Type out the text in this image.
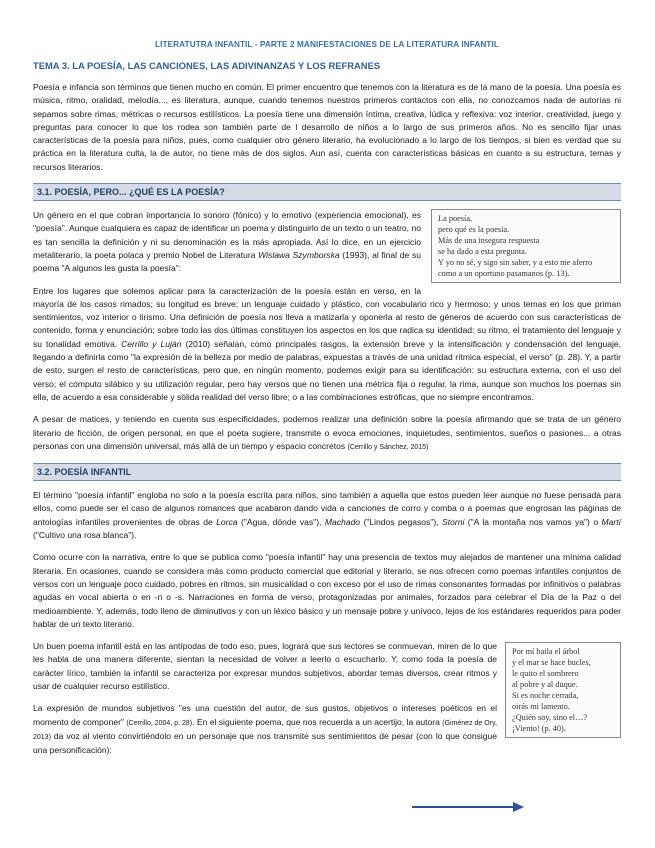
LITERATUTRA INFANTIL - PARTE 2 MANIFESTACIONES DE LA LITERATURA INFANTIL
TEMA 3. LA POESÍA, LAS CANCIONES, LAS ADIVINANZAS Y LOS REFRANES

Poesía e infancia son términos que tienen mucho en común. El primer encuentro que tenemos con la literatura es de la mano de la poesía. Una poesía es música, ritmo, oralidad, melodía..., es literatura, aunque, cuando tenemos nuestros primeros contactos con ella, no conozcamos nada de autorías ni sepamos sobre rimas, métricas o recursos estilísticos. La poesía tiene una dimensión íntima, creativa, lúdica y reflexiva: voz interior, creatividad, juego y preguntas para conocer lo que los rodea son también parte de l desarrollo de niños a lo largo de sus primeros años. No es sencillo fijar unas características de la poesía para niños, pues, como cualquier otro género literario, ha evolucionado a lo largo de los tiempos, si bien es verdad que su práctica en la literatura culta, la de autor, no tiene más de dos siglos. Aun así, cuenta con características básicas en cuanto a su estructura, temas y recursos literarios.

3.1. POESÍA, PERO... ¿QUÉ ES LA POESÍA?
La poesía,
pero qué es la poesía.
Más de una insegura respuesta
se ha dado a esta pregunta.
Y yo no sé, y sigo sin saber, y a esto me aferro
como a un oportuno pasamanos (p. 13).

Un género en el que cobran importancia lo sonoro (fónico) y lo emotivo (experiencia emocional), es "poesía". Aunque cualquiera es capaz de identificar un poema y distinguirlo de un texto o un teatro, no es tan sencilla la definición y ni su denominación es la más apropiada. Así lo dice, en un ejercicio metaliterario, la poeta polaca y premio Nobel de Literatura Wislawa Szymborska (1993), al final de su poema "A algunos les gusta la poesía":

Entre los lugares que solemos aplicar para la caracterización de la poesía están en verso, en la mayoría de los casos rimados; su longitud es breve; un lenguaje cuidado y plástico, con vocabulario rico y hermoso; y unos temas en los que priman sentimientos, voz interior o lirismo. Una definición de poesía nos lleva a matizarla y oponerla al resto de géneros de acuerdo con sus características de contenido, forma y enunciación; sobre todo las dos últimas constituyen los aspectos en los que radica su identidad: su ritmo, el tratamiento del lenguaje y su tonalidad emotiva. Cerrillo y Luján (2010) señalan, como principales rasgos, la extensión breve y la intensificación y condensación del lenguaje, llegando a definirla como "la expresión de la belleza por medio de palabras, expuestas a través de una unidad rítmica especial, el verso" (p. 28). Y, a partir de esto, surgen el resto de características, pero que, en ningún momento, podemos exigir para su identificación: su estructura externa, con el uso del verso; el cómputo silábico y su utilización regular, pero hay versos que no tienen una métrica fija o regular, la rima, aunque son muchos los poemas sin ella, de acuerdo a esa considerable y sólida realidad del verso libre; o a las combinaciones estróficas, que no siempre encontramos.

A pesar de matices, y teniendo en cuenta sus especificidades, podemos realizar una definición sobre la poesía afirmando que se trata de un género literario de ficción, de origen personal, en que el poeta sugiere, transmite o evoca emociones, inquietudes, sentimientos, sueños o pasiones... a otras personas con una dimensión universal, más allá de un tiempo y espacio concretos (Cerrillo y Sánchez, 2015)

3.2. POESÍA INFANTIL

El término "poesía infantil" engloba no solo a la poesía escrita para niños, sino también a aquella que estos pueden leer aunque no fuese pensada para ellos, como puede ser el caso de algunos romances que acabaron dando vida a canciones de corro y comba o a poemas que engrosan las páginas de antologías infantiles provenientes de obras de Lorca ("Agua, dónde vas"), Machado ("Lindos pegasos"), Storni ("A la montaña nos vamos ya") o Martí ("Cultivo una rosa blanca").

Como ocurre con la narrativa, entre lo que se publica como "poesía infantil" hay una presencia de textos muy alejados de mantener una mínima calidad literaria. En ocasiones, cuando se considera más como producto comercial que editorial y literario, se nos ofrecen como poemas infantiles conjuntos de versos con un lenguaje poco cuidado, pobres en ritmos, sin musicalidad o con exceso por el uso de rimas consonantes formadas por infinitivos o palabras agudas en vocal abierta o en -n o -s. Narraciones en forma de verso, protagonizadas por animales, forzados para celebrar el Día de la Paz o del medioambiente. Y, además, todo lleno de diminutivos y con un léxico básico y un mensaje pobre y unívoco, lejos de los estándares requeridos para poder hablar de un texto literario.

Por mí baila el árbol
y el mar se hace bucles,
le quito el sombrero
al pobre y al duque.
Si es noche cerrada,
oirás mi lamento.
¿Quién soy, sino el…?
¡Viento! (p. 40).

Un buen poema infantil está en las antípodas de todo eso, pues, logrará que sus lectores se conmuevan, miren de lo que les habla de una manera diferente, sientan la necesidad de volver a leerlo o escucharlo. Y, como toda la poesía de carácter lírico, también la infantil se caracteriza por expresar mundos subjetivos, abordar temas diversos, crear ritmos y usar de cualquier recurso estilístico.

La expresión de mundos subjetivos "es una cuestión del autor, de sus gustos, objetivos o intereses poéticos en el momento de componer" (Cerrillo, 2004, p. 28). En el siguiente poema, que nos recuerda a un acertijo, la autora (Giménez de Ory, 2013) da voz al viento convirtiéndolo en un personaje que nos transmite sus sentimientos de pesar (con lo que consigue una personificación):
